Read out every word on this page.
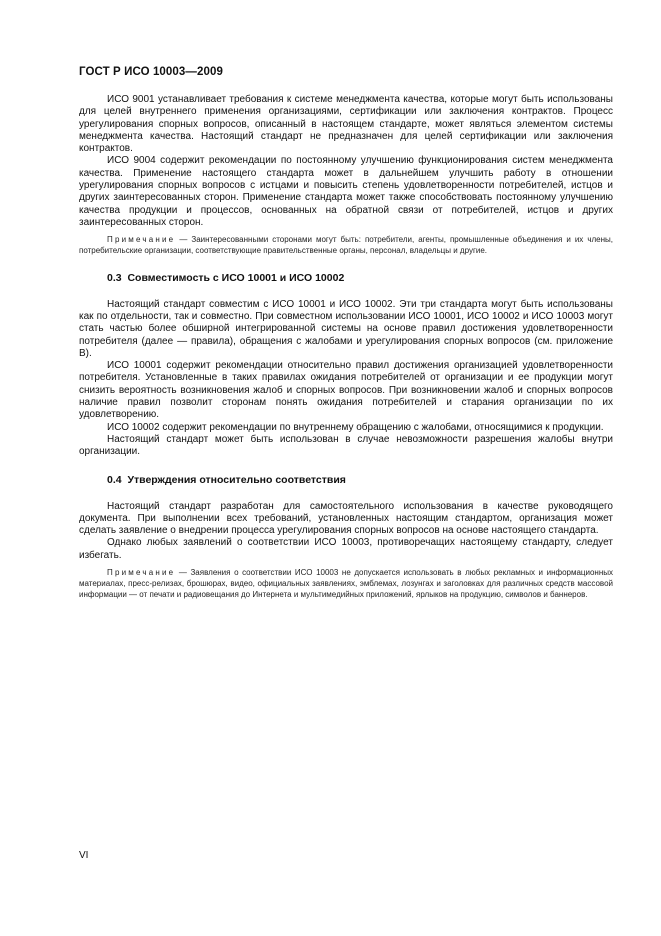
ГОСТ Р ИСО 10003—2009

ИСО 9001 устанавливает требования к системе менеджмента качества, которые могут быть использованы для целей внутреннего применения организациями, сертификации или заключения контрактов. Процесс урегулирования спорных вопросов, описанный в настоящем стандарте, может являться элементом системы менеджмента качества. Настоящий стандарт не предназначен для целей сертификации или заключения контрактов.

ИСО 9004 содержит рекомендации по постоянному улучшению функционирования систем менеджмента качества. Применение настоящего стандарта может в дальнейшем улучшить работу в отношении урегулирования спорных вопросов с истцами и повысить степень удовлетворенности потребителей, истцов и других заинтересованных сторон. Применение стандарта может также способствовать постоянному улучшению качества продукции и процессов, основанных на обратной связи от потребителей, истцов и других заинтересованных сторон.

Примечание — Заинтересованными сторонами могут быть: потребители, агенты, промышленные объединения и их члены, потребительские организации, соответствующие правительственные органы, персонал, владельцы и другие.

0.3 Совместимость с ИСО 10001 и ИСО 10002

Настоящий стандарт совместим с ИСО 10001 и ИСО 10002. Эти три стандарта могут быть использованы как по отдельности, так и совместно. При совместном использовании ИСО 10001, ИСО 10002 и ИСО 10003 могут стать частью более обширной интегрированной системы на основе правил достижения удовлетворенности потребителя (далее — правила), обращения с жалобами и урегулирования спорных вопросов (см. приложение В).

ИСО 10001 содержит рекомендации относительно правил достижения организацией удовлетворенности потребителя. Установленные в таких правилах ожидания потребителей от организации и ее продукции могут снизить вероятность возникновения жалоб и спорных вопросов. При возникновении жалоб и спорных вопросов наличие правил позволит сторонам понять ожидания потребителей и старания организации по их удовлетворению.

ИСО 10002 содержит рекомендации по внутреннему обращению с жалобами, относящимися к продукции.

Настоящий стандарт может быть использован в случае невозможности разрешения жалобы внутри организации.

0.4 Утверждения относительно соответствия

Настоящий стандарт разработан для самостоятельного использования в качестве руководящего документа. При выполнении всех требований, установленных настоящим стандартом, организация может сделать заявление о внедрении процесса урегулирования спорных вопросов на основе настоящего стандарта.

Однако любых заявлений о соответствии ИСО 10003, противоречащих настоящему стандарту, следует избегать.

Примечание — Заявления о соответствии ИСО 10003 не допускается использовать в любых рекламных и информационных материалах, пресс-релизах, брошюрах, видео, официальных заявлениях, эмблемах, лозунгах и заголовках для различных средств массовой информации — от печати и радиовещания до Интернета и мультимедийных приложений, ярлыков на продукцию, символов и баннеров.

VI
